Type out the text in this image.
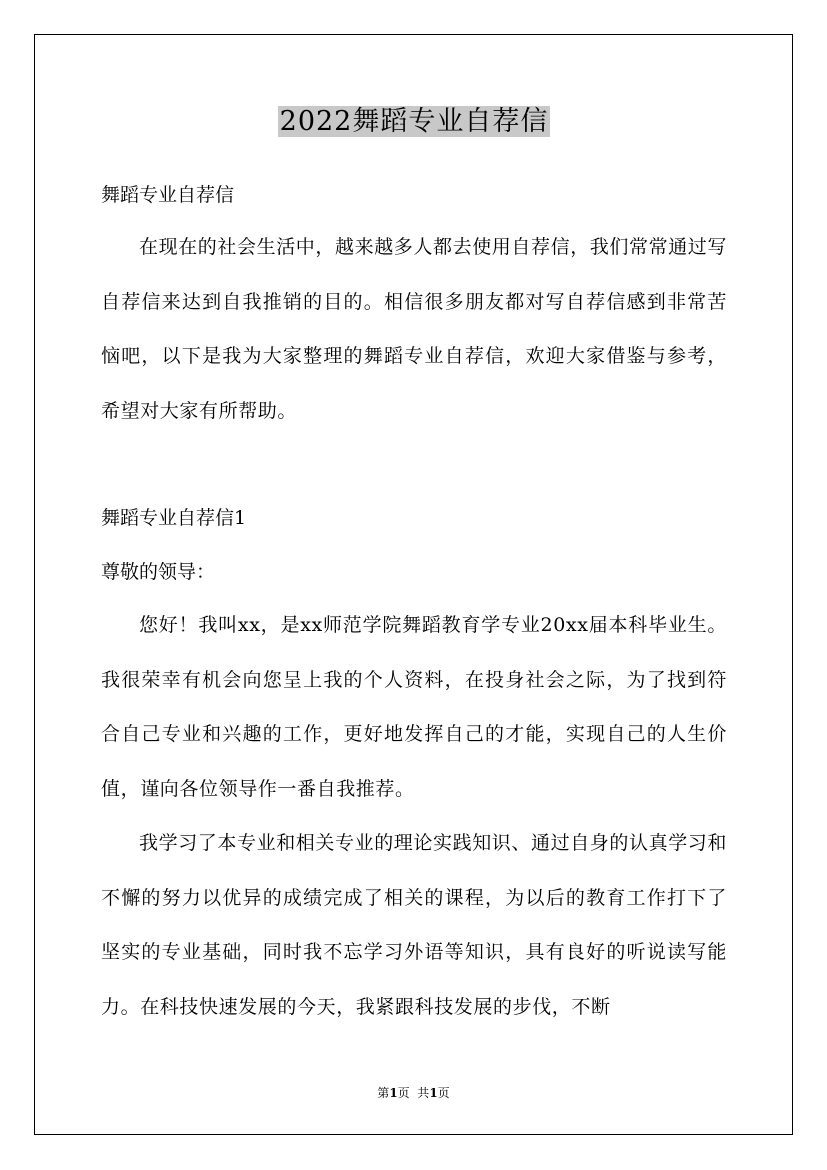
2022舞蹈专业自荐信
舞蹈专业自荐信
在现在的社会生活中，越来越多人都去使用自荐信，我们常常通过写自荐信来达到自我推销的目的。相信很多朋友都对写自荐信感到非常苦恼吧，以下是我为大家整理的舞蹈专业自荐信，欢迎大家借鉴与参考，希望对大家有所帮助。
舞蹈专业自荐信1
尊敬的领导：
您好！我叫xx，是xx师范学院舞蹈教育学专业20xx届本科毕业生。我很荣幸有机会向您呈上我的个人资料，在投身社会之际，为了找到符合自己专业和兴趣的工作，更好地发挥自己的才能，实现自己的人生价值，谨向各位领导作一番自我推荐。
我学习了本专业和相关专业的理论实践知识、通过自身的认真学习和不懈的努力以优异的成绩完成了相关的课程，为以后的教育工作打下了坚实的专业基础，同时我不忘学习外语等知识，具有良好的听说读写能力。在科技快速发展的今天，我紧跟科技发展的步伐，不断
第1页  共1页
